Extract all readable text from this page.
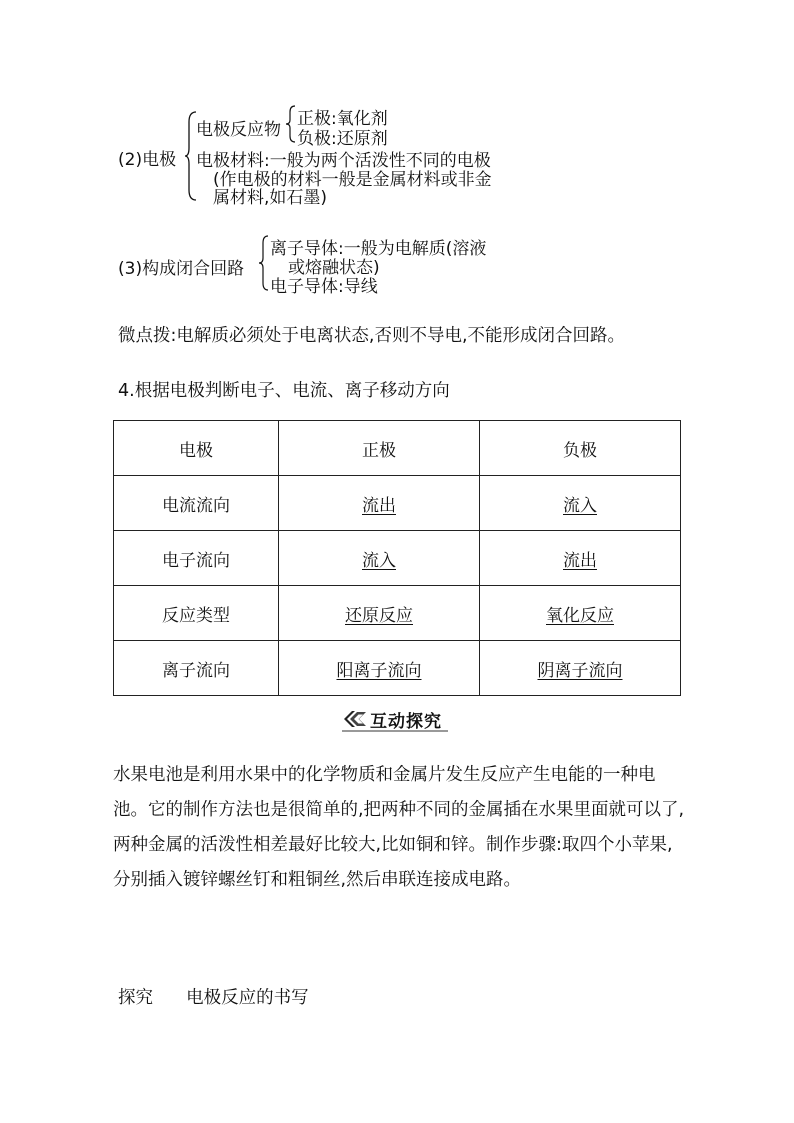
(2)电极
电极反应物
正极:氧化剂
负极:还原剂
电极材料:一般为两个活泼性不同的电极
(作电极的材料一般是金属材料或非金
属材料,如石墨)
(3)构成闭合回路
离子导体:一般为电解质(溶液
或熔融状态)
电子导体:导线
微点拨:电解质必须处于电离状态,否则不导电,不能形成闭合回路。
4.根据电极判断电子、电流、离子移动方向
电极	正极	负极
电流流向	流出	流入
电子流向	流入	流出
反应类型	还原反应	氧化反应
离子流向	阳离子流向	阴离子流向
互动探究
水果电池是利用水果中的化学物质和金属片发生反应产生电能的一种电池。它的制作方法也是很简单的,把两种不同的金属插在水果里面就可以了,两种金属的活泼性相差最好比较大,比如铜和锌。制作步骤:取四个小苹果,分别插入镀锌螺丝钉和粗铜丝,然后串联连接成电路。
探究 电极反应的书写
